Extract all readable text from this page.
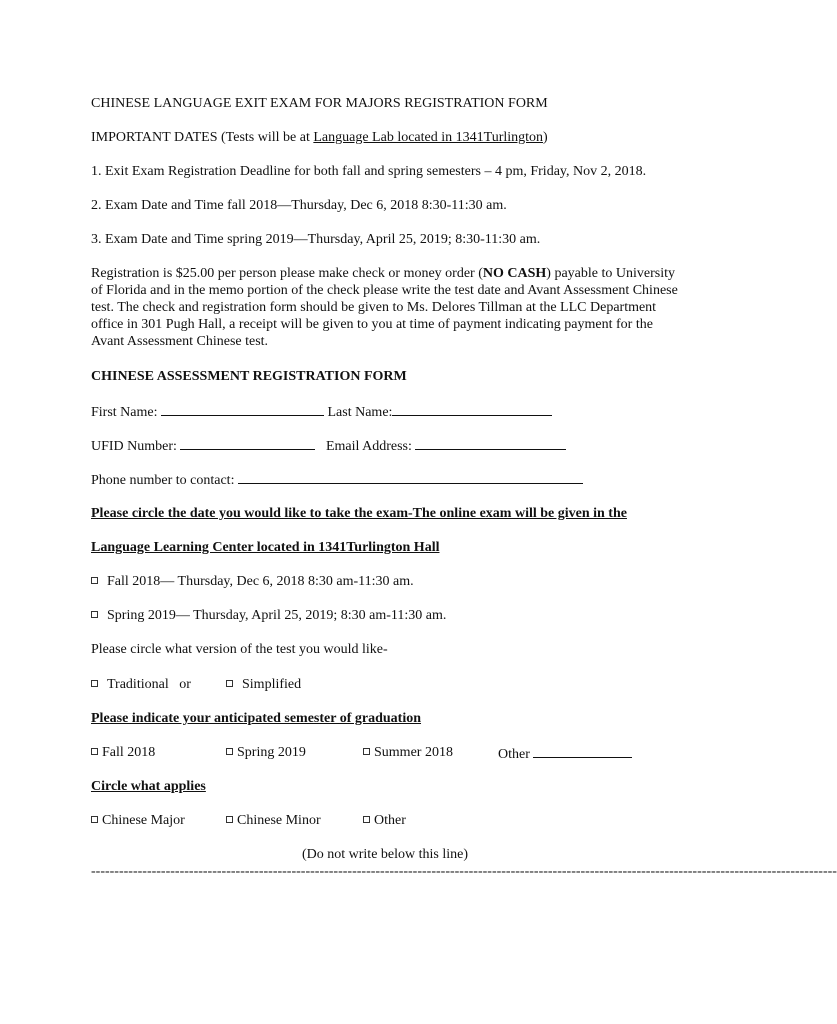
CHINESE LANGUAGE EXIT EXAM FOR MAJORS REGISTRATION FORM
IMPORTANT DATES (Tests will be at Language Lab located in 1341Turlington)
1. Exit Exam Registration Deadline for both fall and spring semesters – 4 pm, Friday, Nov 2, 2018.
2. Exam Date and Time fall 2018—Thursday, Dec 6, 2018 8:30-11:30 am.
3. Exam Date and Time spring 2019—Thursday, April 25, 2019; 8:30-11:30 am.
Registration is $25.00 per person please make check or money order (NO CASH) payable to University of Florida and in the memo portion of the check please write the test date and Avant Assessment Chinese test. The check and registration form should be given to Ms. Delores Tillman at the LLC Department office in 301 Pugh Hall, a receipt will be given to you at time of payment indicating payment for the Avant Assessment Chinese test.
CHINESE ASSESSMENT REGISTRATION FORM
First Name:	Last Name:
UFID Number:	Email Address:
Phone number to contact:
Please circle the date you would like to take the exam-The online exam will be given in the
Language Learning Center located in 1341Turlington Hall
Fall 2018— Thursday, Dec 6, 2018 8:30 am-11:30 am.
Spring 2019— Thursday, April 25, 2019; 8:30 am-11:30 am.
Please circle what version of the test you would like-
Traditional   or	Simplified
Please indicate your anticipated semester of graduation
Fall 2018	Spring 2019	Summer 2018	Other
Circle what applies
Chinese Major	Chinese Minor	Other
(Do not write below this line)
----------------------------------------------------------------------------------------------------------------------------------------------------------------
